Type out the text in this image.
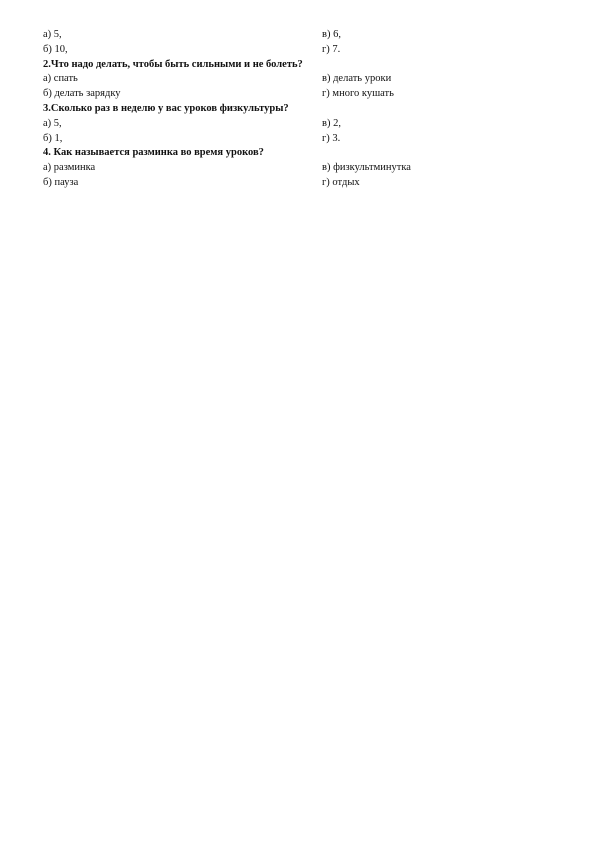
а) 5,	в) 6,
б) 10,	г) 7.
2.Что надо делать, чтобы быть сильными и не болеть?
а) спать	в) делать уроки
б) делать зарядку	г) много кушать
3.Сколько раз в неделю у вас уроков физкультуры?
а) 5,	в) 2,
б) 1,	г) 3.
4. Как называется разминка во время уроков?
а) разминка	в) физкультминутка
б) пауза	г) отдых
